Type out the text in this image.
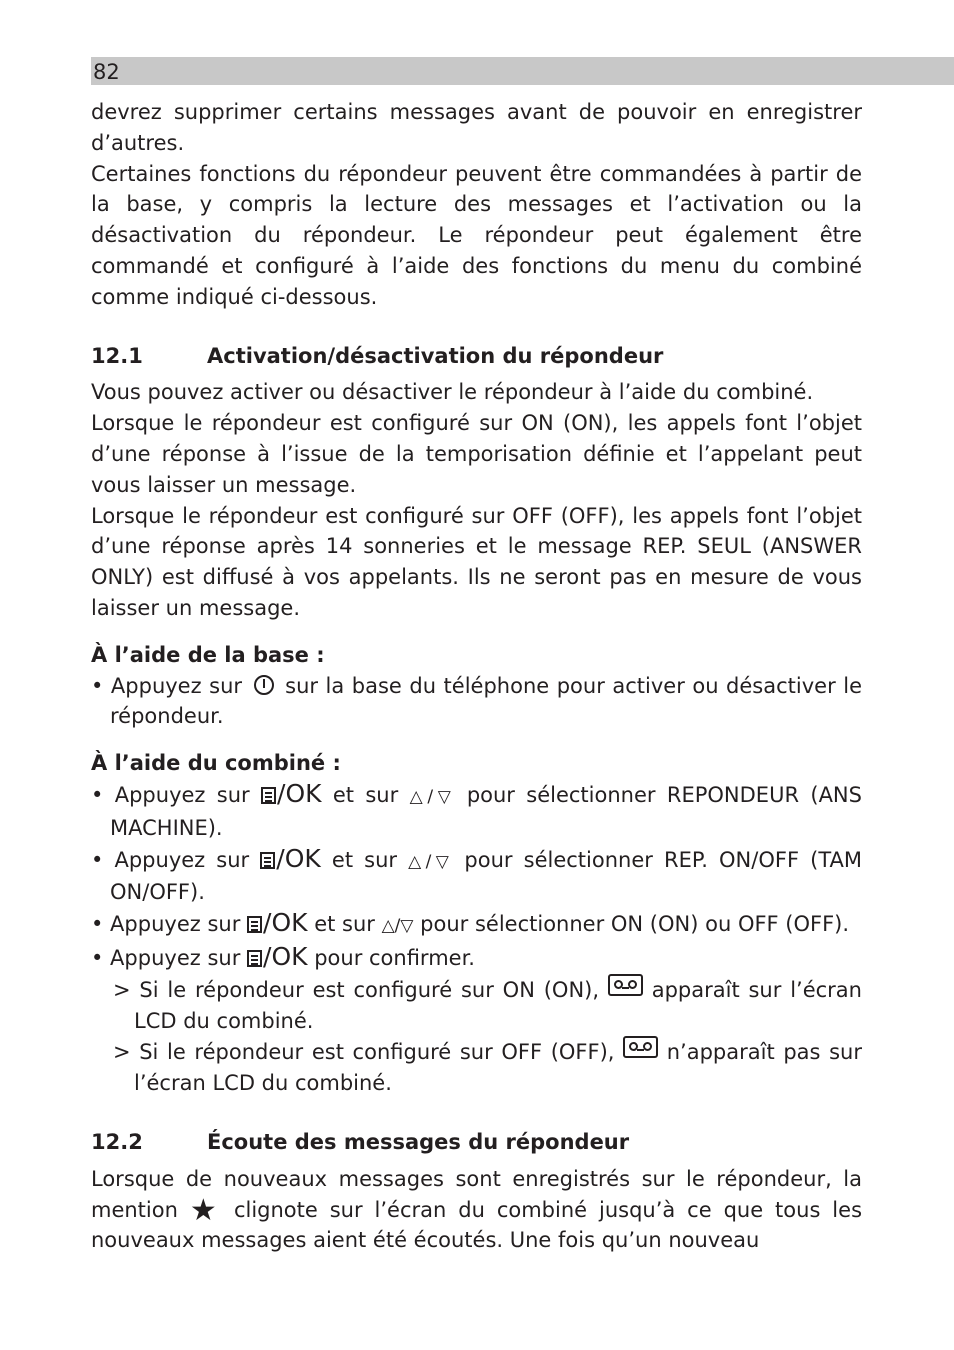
82

devrez supprimer certains messages avant de pouvoir en enregistrer d’autres.

Certaines fonctions du répondeur peuvent être commandées à partir de la base, y compris la lecture des messages et l’activation ou la désactivation du répondeur. Le répondeur peut également être commandé et configuré à l’aide des fonctions du menu du combiné comme indiqué ci-dessous.

12.1	Activation/désactivation du répondeur

Vous pouvez activer ou désactiver le répondeur à l’aide du combiné.

Lorsque le répondeur est configuré sur ON (ON), les appels font l’objet d’une réponse à l’issue de la temporisation définie et l’appelant peut vous laisser un message.

Lorsque le répondeur est configuré sur OFF (OFF), les appels font l’objet d’une réponse après 14 sonneries et le message REP. SEUL (ANSWER ONLY) est diffusé à vos appelants. Ils ne seront pas en mesure de vous laisser un message.

À l’aide de la base :
• Appuyez sur sur la base du téléphone pour activer ou désactiver le répondeur.
À l’aide du combiné :
• Appuyez sur /OK et sur △/▽ pour sélectionner REPONDEUR (ANS MACHINE).
• Appuyez sur /OK et sur △/▽ pour sélectionner REP. ON/OFF (TAM ON/OFF).
• Appuyez sur /OK et sur △/▽ pour sélectionner ON (ON) ou OFF (OFF).
• Appuyez sur /OK pour confirmer.
> Si le répondeur est configuré sur ON (ON),	apparaît sur l’écran LCD du combiné.
> Si le répondeur est configuré sur OFF (OFF), n’apparaît pas sur l’écran LCD du combiné.
12.2	Écoute des messages du répondeur

Lorsque de nouveaux messages sont enregistrés sur le répondeur, la mention ★ clignote sur l’écran du combiné jusqu’à ce que tous les nouveaux messages aient été écoutés. Une fois qu’un nouveau
